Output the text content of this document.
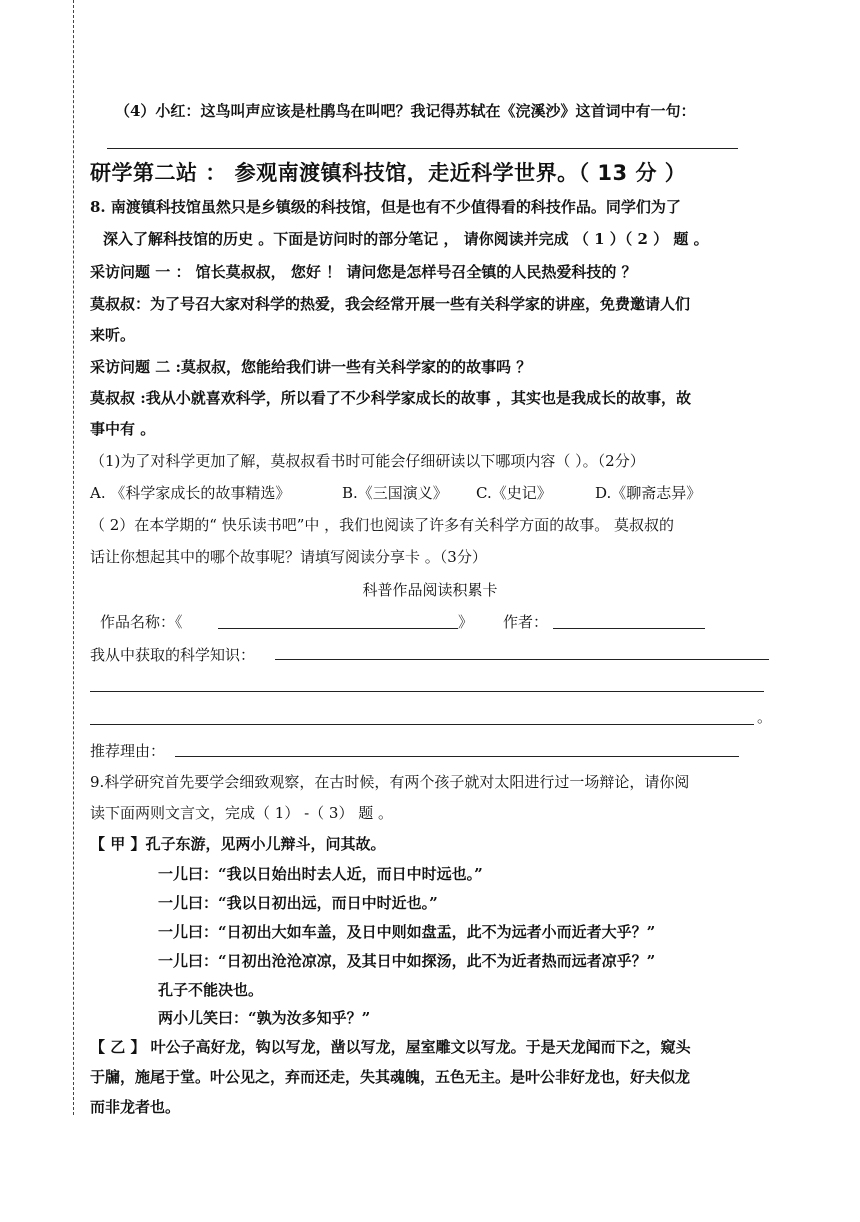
（4）小红：这鸟叫声应该是杜鹃鸟在叫吧？我记得苏轼在《浣溪沙》这首词中有一句：
研学第二站 ： 参观南渡镇科技馆，走近科学世界。（ 13 分 ）
8. 南渡镇科技馆虽然只是乡镇级的科技馆，但是也有不少值得看的科技作品。同学们为了
深入了解科技馆的历史 。下面是访问时的部分笔记 ， 请你阅读并完成 （ 1 ）（ 2 ） 题 。
采访问题 一 ： 馆长莫叔叔， 您好 ！ 请问您是怎样号召全镇的人民热爱科技的 ？
莫叔叔：为了号召大家对科学的热爱，我会经常开展一些有关科学家的讲座，免费邀请人们
来听。
采访问题 二 :莫叔叔，您能给我们讲一些有关科学家的的故事吗 ？
莫叔叔 :我从小就喜欢科学，所以看了不少科学家成长的故事 ，其实也是我成长的故事，故
事中有 。
（1)为了对科学更加了解，莫叔叔看书时可能会仔细研读以下哪项内容（ ）。（2分）
A. 《科学家成长的故事精选》	B.《三国演义》 C.《史记》	D.《聊斋志异》
（ 2）在本学期的“ 快乐读书吧”中 ，我们也阅读了许多有关科学方面的故事。 莫叔叔的
话让你想起其中的哪个故事呢？请填写阅读分享卡 。（3分）
科普作品阅读积累卡
作品名称：《	》 作者：
我从中获取的科学知识：
。
推荐理由：
9.科学研究首先要学会细致观察，在古时候，有两个孩子就对太阳进行过一场辩论，请你阅
读下面两则文言文，完成（ 1） -（ 3） 题 。
【 甲 】孔子东游，见两小儿辩斗，问其故。
一儿曰：“我以日始出时去人近，而日中时远也。”
一儿曰：“我以日初出远，而日中时近也。”
一儿曰：“日初出大如车盖，及日中则如盘盂，此不为远者小而近者大乎？”
一儿曰：“日初出沧沧凉凉，及其日中如探汤，此不为近者热而远者凉乎？”
孔子不能决也。
两小儿笑曰：“孰为汝多知乎？”
【 乙 】 叶公子高好龙，钩以写龙，凿以写龙，屋室雕文以写龙。于是天龙闻而下之，窥头
于牖，施尾于堂。叶公见之，弃而还走，失其魂魄，五色无主。是叶公非好龙也，好夫似龙
而非龙者也。
